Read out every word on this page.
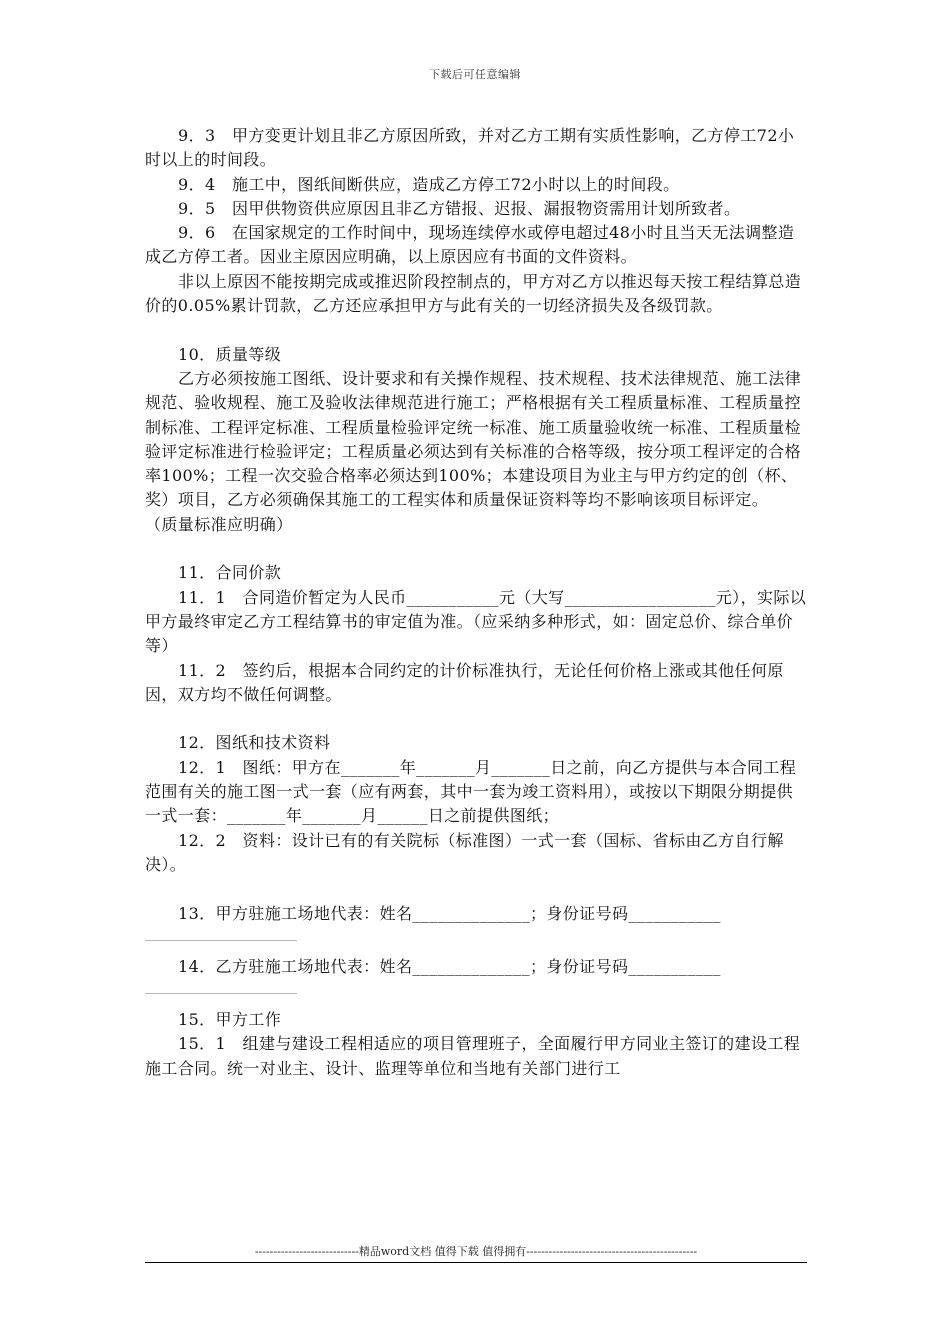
下载后可任意编辑

9．3　甲方变更计划且非乙方原因所致，并对乙方工期有实质性影响，乙方停工72小时以上的时间段。

9．4　施工中，图纸间断供应，造成乙方停工72小时以上的时间段。

9．5　因甲供物资供应原因且非乙方错报、迟报、漏报物资需用计划所致者。

9．6　在国家规定的工作时间中，现场连续停水或停电超过48小时且当天无法调整造成乙方停工者。因业主原因应明确，以上原因应有书面的文件资料。

非以上原因不能按期完成或推迟阶段控制点的，甲方对乙方以推迟每天按工程结算总造价的0.05%累计罚款，乙方还应承担甲方与此有关的一切经济损失及各级罚款。

10．质量等级

乙方必须按施工图纸、设计要求和有关操作规程、技术规程、技术法律规范、施工法律规范、验收规程、施工及验收法律规范进行施工；严格根据有关工程质量标准、工程质量控制标准、工程评定标准、工程质量检验评定统一标准、施工质量验收统一标准、工程质量检验评定标准进行检验评定；工程质量必须达到有关标准的合格等级，按分项工程评定的合格率100%；工程一次交验合格率必须达到100%；本建设项目为业主与甲方约定的创（杯、奖）项目，乙方必须确保其施工的工程实体和质量保证资料等均不影响该项目标评定。

（质量标准应明确）

11．合同价款

11．1　合同造价暂定为人民币___________元（大写__________________元），实际以甲方最终审定乙方工程结算书的审定值为准。（应采纳多种形式，如：固定总价、综合单价等）

11．2　签约后，根据本合同约定的计价标准执行，无论任何价格上涨或其他任何原因，双方均不做任何调整。

12．图纸和技术资料

12．1　图纸：甲方在_______年_______月_______日之前，向乙方提供与本合同工程范围有关的施工图一式一套（应有两套，其中一套为竣工资料用），或按以下期限分期提供一式一套：_______年_______月______日之前提供图纸；

12．2　资料：设计已有的有关院标（标准图）一式一套（国标、省标由乙方自行解决）。

13．甲方驻施工场地代表：姓名______________；身份证号码___________

14．乙方驻施工场地代表：姓名______________；身份证号码___________

15．甲方工作

15．1　组建与建设工程相适应的项目管理班子，全面履行甲方同业主签订的建设工程施工合同。统一对业主、设计、监理等单位和当地有关部门进行工

----------------------------精品word文档 值得下载 值得拥有----------------------------------------------
